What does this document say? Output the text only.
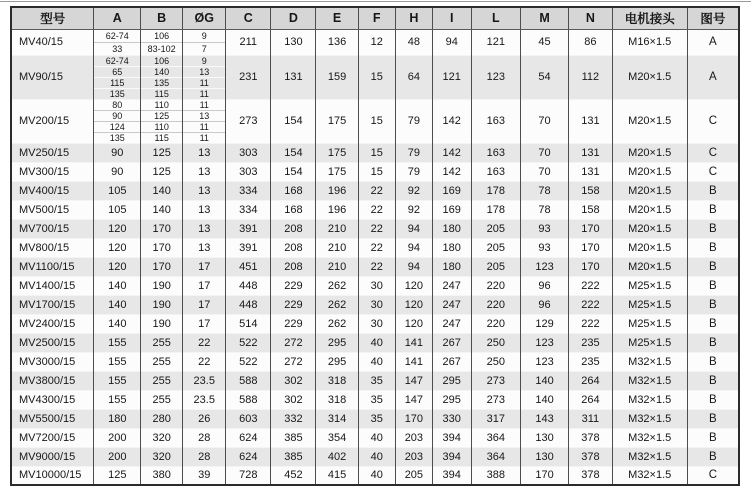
型号	A	B	ØG	C	D	E	F	H	I	L	M	N	电机接头	图号
MV40/15	62-74	106	9	211	130	136	12	48	94	121	45	86	M16×1.5	A
	33	83-102	7											
MV90/15	62-74	106	9	231	131	159	15	64	121	123	54	112	M20×1.5	A
	65	140	13											
	115	135	11											
	135	115	11											
MV200/15	80	110	11	273	154	175	15	79	142	163	70	131	M20×1.5	C
	90	125	13											
	124	110	11											
	135	115	11											
MV250/15	90	125	13	303	154	175	15	79	142	163	70	131	M20×1.5	C
MV300/15	90	125	13	303	154	175	15	79	142	163	70	131	M20×1.5	C
MV400/15	105	140	13	334	168	196	22	92	169	178	78	158	M20×1.5	B
MV500/15	105	140	13	334	168	196	22	92	169	178	78	158	M20×1.5	B
MV700/15	120	170	13	391	208	210	22	94	180	205	93	170	M20×1.5	B
MV800/15	120	170	13	391	208	210	22	94	180	205	93	170	M20×1.5	B
MV1100/15	120	170	17	451	208	210	22	94	180	205	123	170	M20×1.5	B
MV1400/15	140	190	17	448	229	262	30	120	247	220	96	222	M25×1.5	B
MV1700/15	140	190	17	448	229	262	30	120	247	220	96	222	M25×1.5	B
MV2400/15	140	190	17	514	229	262	30	120	247	220	129	222	M25×1.5	B
MV2500/15	155	255	22	522	272	295	40	141	267	250	123	235	M25×1.5	B
MV3000/15	155	255	22	522	272	295	40	141	267	250	123	235	M32×1.5	B
MV3800/15	155	255	23.5	588	302	318	35	147	295	273	140	264	M32×1.5	B
MV4300/15	155	255	23.5	588	302	318	35	147	295	273	140	264	M32×1.5	B
MV5500/15	180	280	26	603	332	314	35	170	330	317	143	311	M32×1.5	B
MV7200/15	200	320	28	624	385	354	40	203	394	364	130	378	M32×1.5	B
MV9000/15	200	320	28	624	385	402	40	203	394	364	130	378	M32×1.5	B
MV10000/15	125	380	39	728	452	415	40	205	394	388	170	378	M32×1.5	C
